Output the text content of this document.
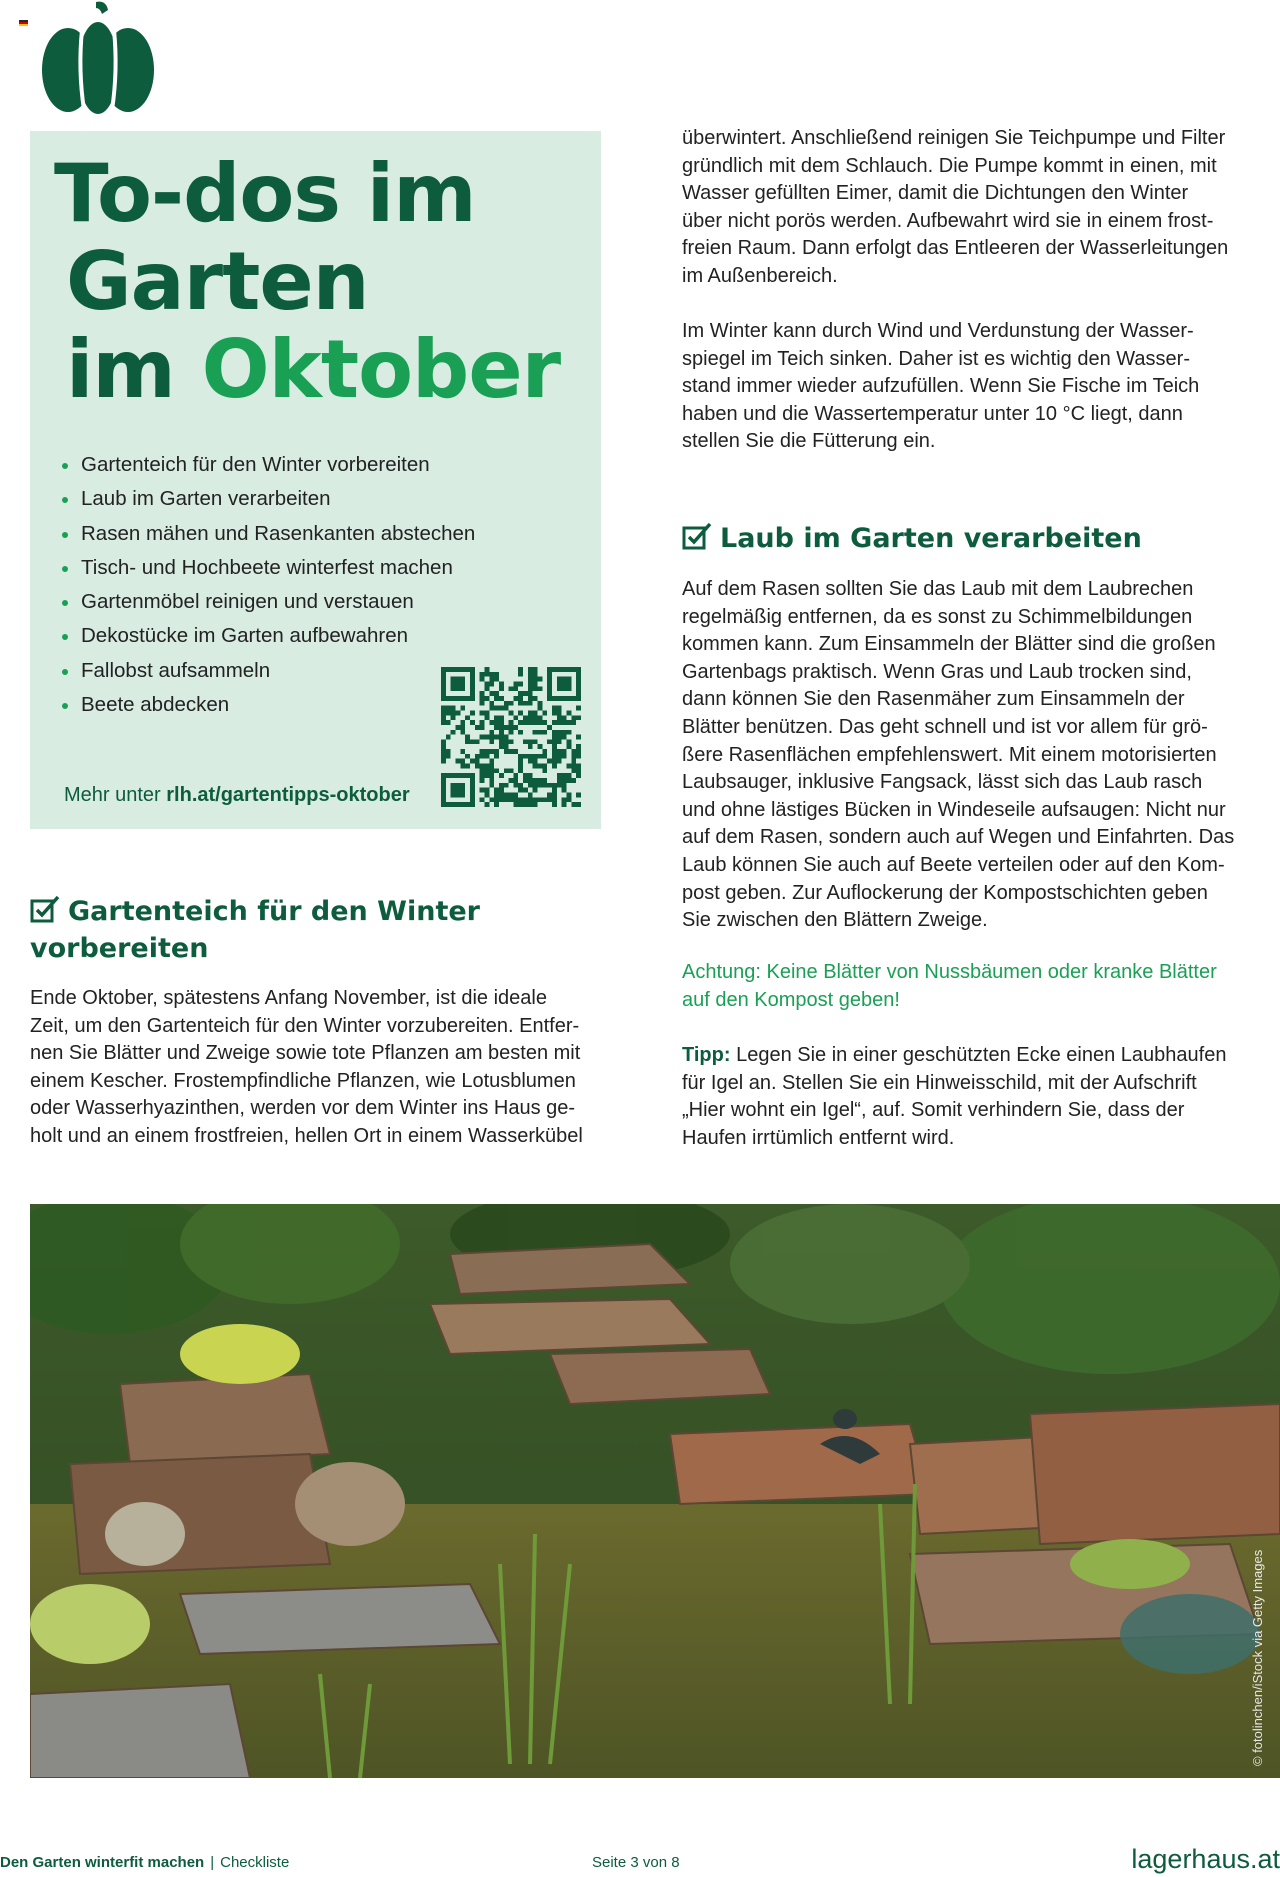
To-dos im
Garten
im Oktober
Gartenteich für den Winter vorbereiten
Laub im Garten verarbeiten
Rasen mähen und Rasenkanten abstechen
Tisch- und Hochbeete winterfest machen
Gartenmöbel reinigen und verstauen
Dekostücke im Garten aufbewahren
Fallobst aufsammeln
Beete abdecken
Mehr unter rlh.at/gartentipps-oktober
Gartenteich für den Winter
vorbereiten

Ende Oktober, spätestens Anfang November, ist die ideale
Zeit, um den Gartenteich für den Winter vorzubereiten. Entfer-
nen Sie Blätter und Zweige sowie tote Pflanzen am besten mit
einem Kescher. Frostempfindliche Pflanzen, wie Lotusblumen
oder Wasserhyazinthen, werden vor dem Winter ins Haus ge-
holt und an einem frostfreien, hellen Ort in einem Wasserkübel

überwintert. Anschließend reinigen Sie Teichpumpe und Filter
gründlich mit dem Schlauch. Die Pumpe kommt in einen, mit
Wasser gefüllten Eimer, damit die Dichtungen den Winter
über nicht porös werden. Aufbewahrt wird sie in einem frost-
freien Raum. Dann erfolgt das Entleeren der Wasserleitungen
im Außenbereich.

Im Winter kann durch Wind und Verdunstung der Wasser-
spiegel im Teich sinken. Daher ist es wichtig den Wasser-
stand immer wieder aufzufüllen. Wenn Sie Fische im Teich
haben und die Wassertemperatur unter 10 °C liegt, dann
stellen Sie die Fütterung ein.

Laub im Garten verarbeiten

Auf dem Rasen sollten Sie das Laub mit dem Laubrechen
regelmäßig entfernen, da es sonst zu Schimmelbildungen
kommen kann. Zum Einsammeln der Blätter sind die großen
Gartenbags praktisch. Wenn Gras und Laub trocken sind,
dann können Sie den Rasenmäher zum Einsammeln der
Blätter benützen. Das geht schnell und ist vor allem für grö-
ßere Rasenflächen empfehlenswert. Mit einem motorisierten
Laubsauger, inklusive Fangsack, lässt sich das Laub rasch
und ohne lästiges Bücken in Windeseile aufsaugen: Nicht nur
auf dem Rasen, sondern auch auf Wegen und Einfahrten. Das
Laub können Sie auch auf Beete verteilen oder auf den Kom-
post geben. Zur Auflockerung der Kompostschichten geben
Sie zwischen den Blättern Zweige.

Achtung: Keine Blätter von Nussbäumen oder kranke Blätter
auf den Kompost geben!

Tipp: Legen Sie in einer geschützten Ecke einen Laubhaufen
für Igel an. Stellen Sie ein Hinweisschild, mit der Aufschrift
„Hier wohnt ein Igel“, auf. Somit verhindern Sie, dass der
Haufen irrtümlich entfernt wird.

© fotolinchen/iStock via Getty Images
Den Garten winterfit machen | Checkliste	Seite 3 von 8	lagerhaus.at
